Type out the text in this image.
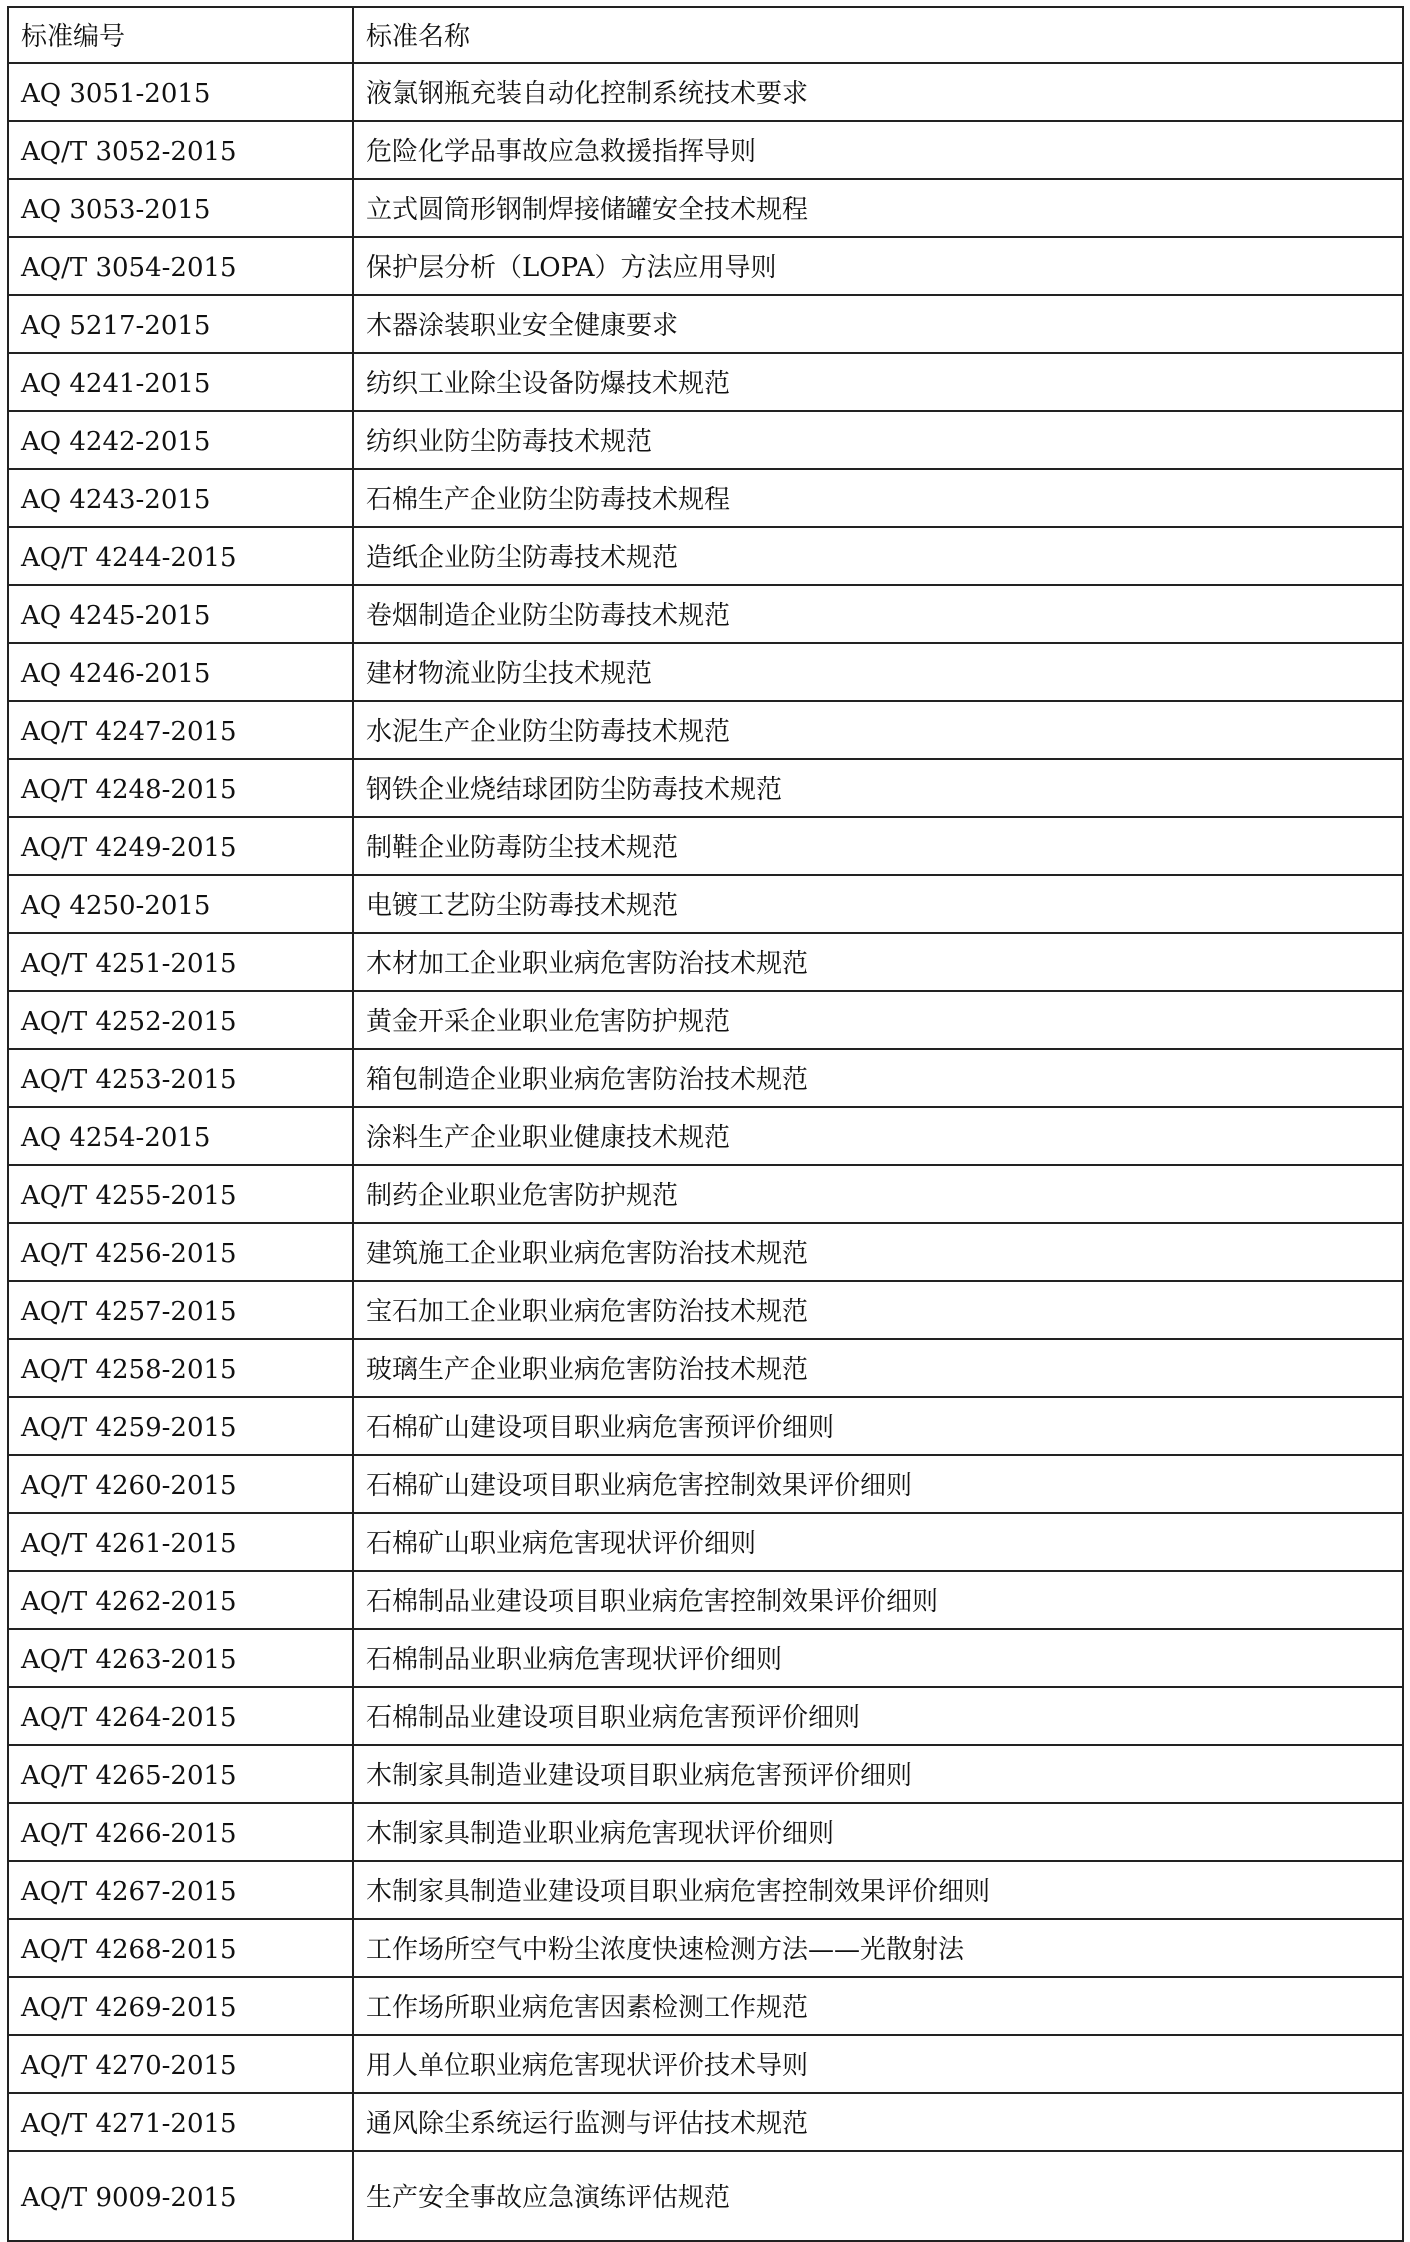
标准编号	标准名称
AQ 3051-2015	液氯钢瓶充装自动化控制系统技术要求
AQ/T 3052-2015	危险化学品事故应急救援指挥导则
AQ 3053-2015	立式圆筒形钢制焊接储罐安全技术规程
AQ/T 3054-2015	保护层分析（LOPA）方法应用导则
AQ 5217-2015	木器涂装职业安全健康要求
AQ 4241-2015	纺织工业除尘设备防爆技术规范
AQ 4242-2015	纺织业防尘防毒技术规范
AQ 4243-2015	石棉生产企业防尘防毒技术规程
AQ/T 4244-2015	造纸企业防尘防毒技术规范
AQ 4245-2015	卷烟制造企业防尘防毒技术规范
AQ 4246-2015	建材物流业防尘技术规范
AQ/T 4247-2015	水泥生产企业防尘防毒技术规范
AQ/T 4248-2015	钢铁企业烧结球团防尘防毒技术规范
AQ/T 4249-2015	制鞋企业防毒防尘技术规范
AQ 4250-2015	电镀工艺防尘防毒技术规范
AQ/T 4251-2015	木材加工企业职业病危害防治技术规范
AQ/T 4252-2015	黄金开采企业职业危害防护规范
AQ/T 4253-2015	箱包制造企业职业病危害防治技术规范
AQ 4254-2015	涂料生产企业职业健康技术规范
AQ/T 4255-2015	制药企业职业危害防护规范
AQ/T 4256-2015	建筑施工企业职业病危害防治技术规范
AQ/T 4257-2015	宝石加工企业职业病危害防治技术规范
AQ/T 4258-2015	玻璃生产企业职业病危害防治技术规范
AQ/T 4259-2015	石棉矿山建设项目职业病危害预评价细则
AQ/T 4260-2015	石棉矿山建设项目职业病危害控制效果评价细则
AQ/T 4261-2015	石棉矿山职业病危害现状评价细则
AQ/T 4262-2015	石棉制品业建设项目职业病危害控制效果评价细则
AQ/T 4263-2015	石棉制品业职业病危害现状评价细则
AQ/T 4264-2015	石棉制品业建设项目职业病危害预评价细则
AQ/T 4265-2015	木制家具制造业建设项目职业病危害预评价细则
AQ/T 4266-2015	木制家具制造业职业病危害现状评价细则
AQ/T 4267-2015	木制家具制造业建设项目职业病危害控制效果评价细则
AQ/T 4268-2015	工作场所空气中粉尘浓度快速检测方法——光散射法
AQ/T 4269-2015	工作场所职业病危害因素检测工作规范
AQ/T 4270-2015	用人单位职业病危害现状评价技术导则
AQ/T 4271-2015	通风除尘系统运行监测与评估技术规范
AQ/T 9009-2015	生产安全事故应急演练评估规范
